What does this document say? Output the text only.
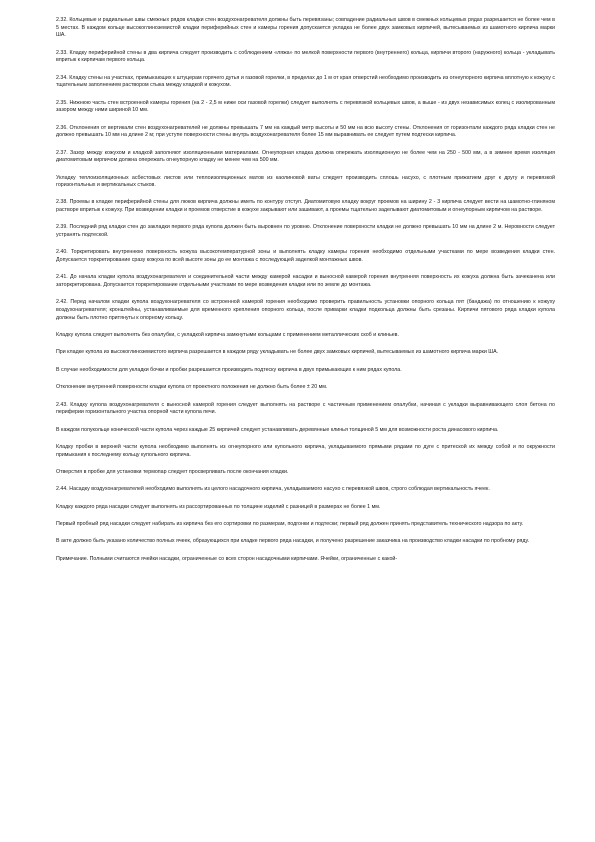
2.32. Кольцевые и радиальные швы смежных рядов кладки стен воздухонагревателя должны быть перевязаны; совпадение радиальных швов в смежных кольцевых рядах разрешается не более чем в 5 местах. В каждом кольце высокоглиноземистой кладки периферийных стен и камеры горения допускается укладка не более двух замковых кирпичей, вытесываемых из шамотного кирпича марки ША.

2.33. Кладку периферийной стены в два кирпича следует производить с соблюдением «ляжа» по мелкой поверхности первого (внутреннего) кольца, кирпичи второго (наружного) кольца - укладывать впритык к кирпичам первого кольца.

2.34. Кладку стены на участках, примыкающих к штуцерам горячего дутья и газовой горелки, в пределах до 1 м от края отверстий необходимо производить из огнеупорного кирпича вплотную к кожуху с тщательным заполнением раствором стыка между кладкой и кожухом.

2.35. Нижнюю часть стен встроенной камеры горения (на 2 - 2,5 м ниже оси газовой горелки) следует выполнять с перевязкой кольцевых швов, а выше - из двух независимых колец с изолированным зазором между ними шириной 10 мм.

2.36. Отклонения от вертикали стен воздухонагревателей не должны превышать 7 мм на каждый метр высоты и 50 мм на всю высоту стены. Отклонения от горизонтали каждого ряда кладки стен не должно превышать 10 мм на длине 2 м; при уступе поверхности стены внутрь воздухонагревателя более 15 мм выравнивать ее следует путем подтески кирпича.

2.37. Зазор между кожухом и кладкой заполняют изоляционными материалами. Огнеупорная кладка должна опережать изоляционную не более чем на 250 - 500 мм, а в зимнее время изоляция диатомитовым кирпичом должна опережать огнеупорную кладку не менее чем на 500 мм.

Укладку теплоизоляционных асбестовых листов или теплоизоляционных матов из каолиновой ваты следует производить сплошь насухо, с плотным прижатием друг к другу и перевязкой горизонтальных и вертикальных стыков.

2.38. Проемы в кладке периферийной стены для люков кирпича должны иметь по контуру отступ. Диатомитовую кладку вокруг проемов на ширину 2 - 3 кирпича следует вести на шамотно-глиняном растворе впритык к кожуху. При возведении кладки и проемов отверстие в кожухе закрывают или зашивают, а проемы тщательно заделывают диатомитовым и огнеупорным кирпичом на растворе.

2.39. Последний ряд кладки стен до закладки первого ряда купола должен быть выровнен по уровню. Отклонение поверхности кладки не должно превышать 10 мм на длине 2 м. Неровности следует устранять подтеской.

2.40. Торкретировать внутреннюю поверхность кожуха высокотемпературной зоны и выполнять кладку камеры горения необходимо отдельными участками по мере возведения кладки стен. Допускается торкретирование сразу кожуха по всей высоте зоны до ее монтажа с последующей заделкой монтажных швов.

2.41. До начала кладки купола воздухонагревателя и соединительной части между камерой насадки и выносной камерой горения внутренняя поверхность их кожуха должна быть зачеканена или заторкретирована. Допускается торкретирование отдельными участками по мере возведения кладки или по земле до монтажа.

2.42. Перед началом кладки купола воздухонагревателя со встроенной камерой горения необходимо проверить правильность установки опорного кольца пят (бандажа) по отношению к кожуху воздухонагревателя; кронштейны, устанавливаемые для временного крепления опорного кольца, после приварки кладки подкольца должны быть срезаны. Кирпичи пятового ряда кладки купола должны быть плотно притянуты к опорному кольцу.

Кладку купола следует выполнять без опалубки, с укладкой кирпича замкнутыми кольцами с применением металлических скоб и клиньев.

При кладке купола из высокоглиноземистого кирпича разрешается в каждом ряду укладывать не более двух замковых кирпичей, вытесываемых из шамотного кирпича марки ША.

В случае необходимости для укладки бочки и пробки разрешается производить подтеску кирпича в двух примыкающих к ним рядах купола.

Отклонение внутренней поверхности кладки купола от проектного положения не должно быть более ± 20 мм.

2.43. Кладку купола воздухонагревателя с выносной камерой горения следует выполнять на растворе с частичным применением опалубки, начиная с укладки выравнивающего слоя бетона по периферии горизонтального участка опорной части купола печи.

В каждом полукольце конической части купола через каждые 25 кирпичей следует устанавливать деревянные клинья толщиной 5 мм для возможности роста динасового кирпича.

Кладку пробки в верхней части купола необходимо выполнять из огнеупорного или купольного кирпича, укладываемого прямыми рядами по дуге с притеской их между собой и по окружности примыкания к последнему кольцу купольного кирпича.

Отверстия в пробке для установки термопар следует просверливать после окончания кладки.

2.44. Насадку воздухонагревателей необходимо выполнять из целого насадочного кирпича, укладываемого насухо с перевязкой швов, строго соблюдая вертикальность ячеек.

Кладку каждого ряда насадки следует выполнять из рассортированных по толщине изделий с разницей в размерах не более 1 мм.

Первый пробный ряд насадки следует набирать из кирпича без его сортировки по размерам, подгонки и подтески; первый ряд должен принять представитель технического надзора по акту.

В акте должно быть указано количество полных ячеек, образующихся при кладке первого ряда насадки, и получено разрешение заказчика на производство кладки насадки по пробному ряду.

Примечание. Полными считаются ячейки насадки, ограниченные со всех сторон насадочными кирпичами. Ячейки, ограниченные с какой-
